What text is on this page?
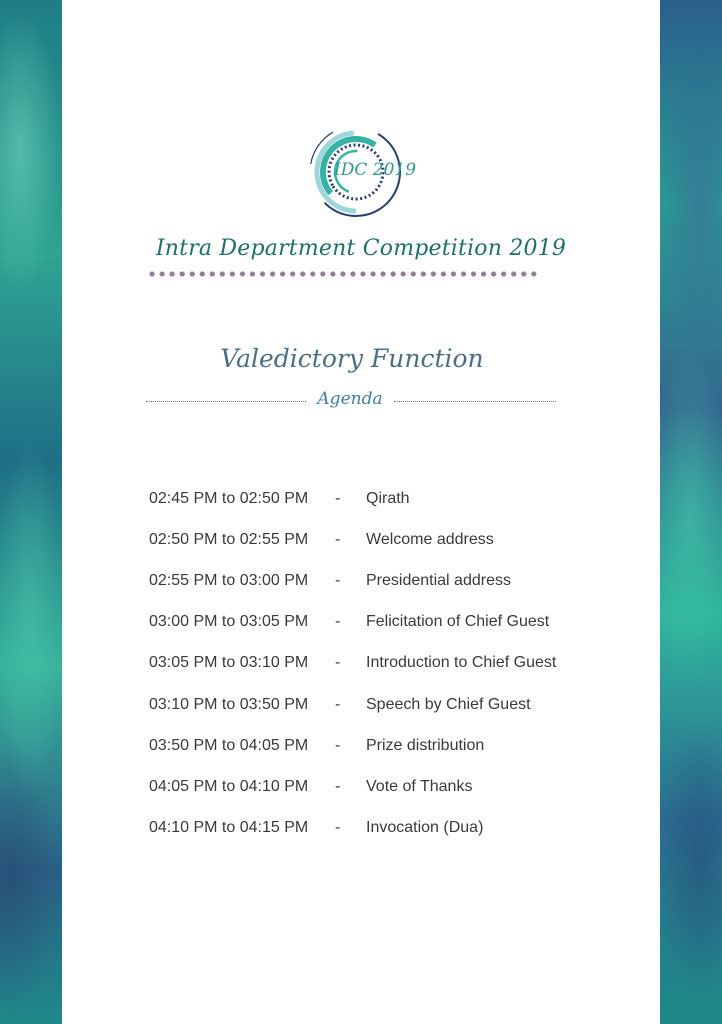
IDC 2019
Intra Department Competition 2019
Valedictory Function
Agenda
02:45 PM to 02:50 PM	-	Qirath
02:50 PM to 02:55 PM	-	Welcome address
02:55 PM to 03:00 PM	-	Presidential address
03:00 PM to 03:05 PM	-	Felicitation of Chief Guest
03:05 PM to 03:10 PM	-	Introduction to Chief Guest
03:10 PM to 03:50 PM	-	Speech by Chief Guest
03:50 PM to 04:05 PM	-	Prize distribution
04:05 PM to 04:10 PM	-	Vote of Thanks
04:10 PM to 04:15 PM	-	Invocation (Dua)
